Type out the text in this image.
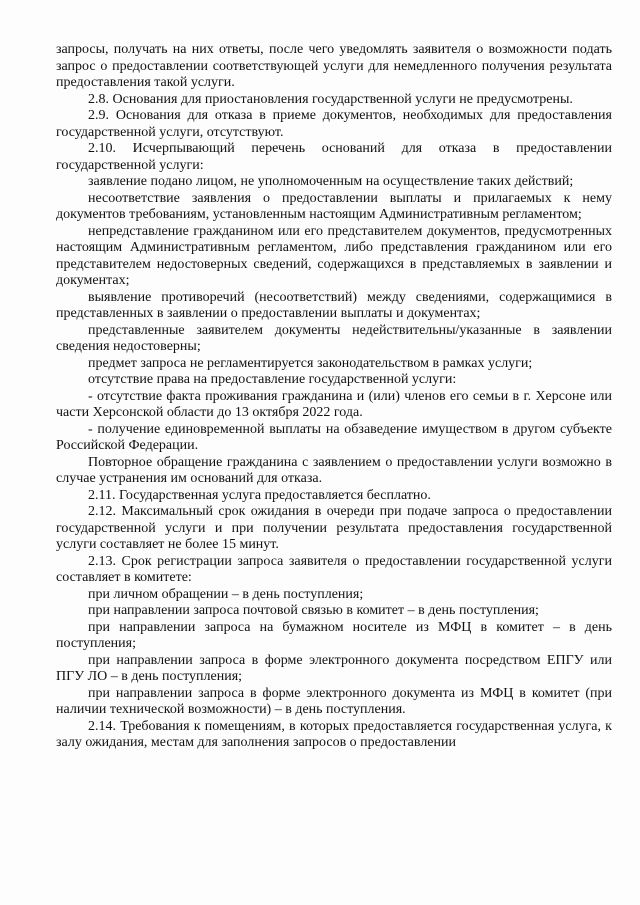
запросы, получать на них ответы, после чего уведомлять заявителя о возможности подать запрос о предоставлении соответствующей услуги для немедленного получения результата предоставления такой услуги.

2.8. Основания для приостановления государственной услуги не предусмотрены.

2.9. Основания для отказа в приеме документов, необходимых для предоставления государственной услуги, отсутствуют.

2.10. Исчерпывающий перечень оснований для отказа в предоставлении государственной услуги:

заявление подано лицом, не уполномоченным на осуществление таких действий;

несоответствие заявления о предоставлении выплаты и прилагаемых к нему документов требованиям, установленным настоящим Административным регламентом;

непредставление гражданином или его представителем документов, предусмотренных настоящим Административным регламентом, либо представления гражданином или его представителем недостоверных сведений, содержащихся в представляемых в заявлении и документах;

выявление противоречий (несоответствий) между сведениями, содержащимися в представленных в заявлении о предоставлении выплаты и документах;

представленные заявителем документы недействительны/указанные в заявлении сведения недостоверны;

предмет запроса не регламентируется законодательством в рамках услуги;

отсутствие права на предоставление государственной услуги:

- отсутствие факта проживания гражданина и (или) членов его семьи в г. Херсоне или части Херсонской области до 13 октября 2022 года.

- получение единовременной выплаты на обзаведение имуществом в другом субъекте Российской Федерации.

Повторное обращение гражданина с заявлением о предоставлении услуги возможно в случае устранения им оснований для отказа.

2.11. Государственная услуга предоставляется бесплатно.

2.12. Максимальный срок ожидания в очереди при подаче запроса о предоставлении государственной услуги и при получении результата предоставления государственной услуги составляет не более 15 минут.

2.13. Срок регистрации запроса заявителя о предоставлении государственной услуги составляет в комитете:

при личном обращении – в день поступления;

при направлении запроса почтовой связью в комитет – в день поступления;

при направлении запроса на бумажном носителе из МФЦ в комитет – в день поступления;

при направлении запроса в форме электронного документа посредством ЕПГУ или ПГУ ЛО – в день поступления;

при направлении запроса в форме электронного документа из МФЦ в комитет (при наличии технической возможности) – в день поступления.

2.14. Требования к помещениям, в которых предоставляется государственная услуга, к залу ожидания, местам для заполнения запросов о предоставлении
